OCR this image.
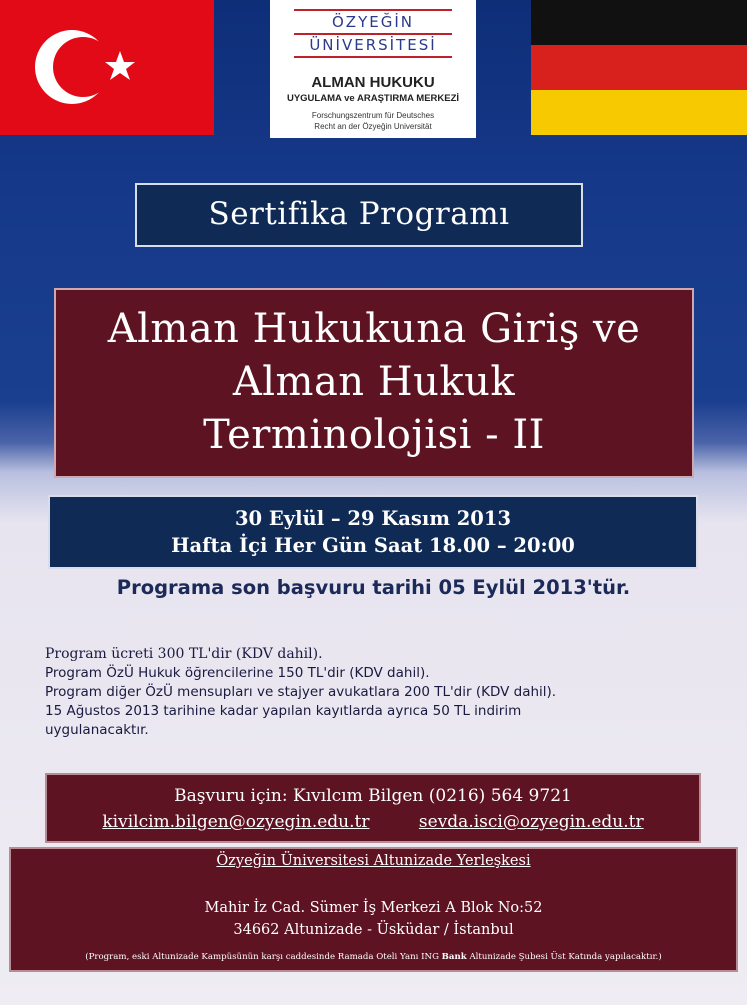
ÖZYEĞİN
ÜNİVERSİTESİ
ALMAN HUKUKU
UYGULAMA ve ARAŞTIRMA MERKEZİ
Forschungszentrum für Deutsches
Recht an der Özyeğin Universität
Sertifika Programı
Alman Hukukuna Giriş ve
Alman Hukuk
Terminolojisi - II
30 Eylül – 29 Kasım 2013
Hafta İçi Her Gün Saat 18.00 – 20:00
Programa son başvuru tarihi 05 Eylül 2013'tür.
Program ücreti 300 TL'dir (KDV dahil).
Program ÖzÜ Hukuk öğrencilerine 150 TL'dir (KDV dahil).
Program diğer ÖzÜ mensupları ve stajyer avukatlara 200 TL'dir (KDV dahil).
15 Ağustos 2013 tarihine kadar yapılan kayıtlarda ayrıca 50 TL indirim
uygulanacaktır.
Başvuru için: Kıvılcım Bilgen (0216) 564 9721
kivilcim.bilgen@ozyegin.edu.tr	sevda.isci@ozyegin.edu.tr
Özyeğin Üniversitesi Altunizade Yerleşkesi
Mahir İz Cad. Sümer İş Merkezi A Blok No:52
34662 Altunizade - Üsküdar / İstanbul
(Program, eski Altunizade Kampüsünün karşı caddesinde Ramada Oteli Yanı ING Bank Altunizade Şubesi Üst Katında yapılacaktır.)
